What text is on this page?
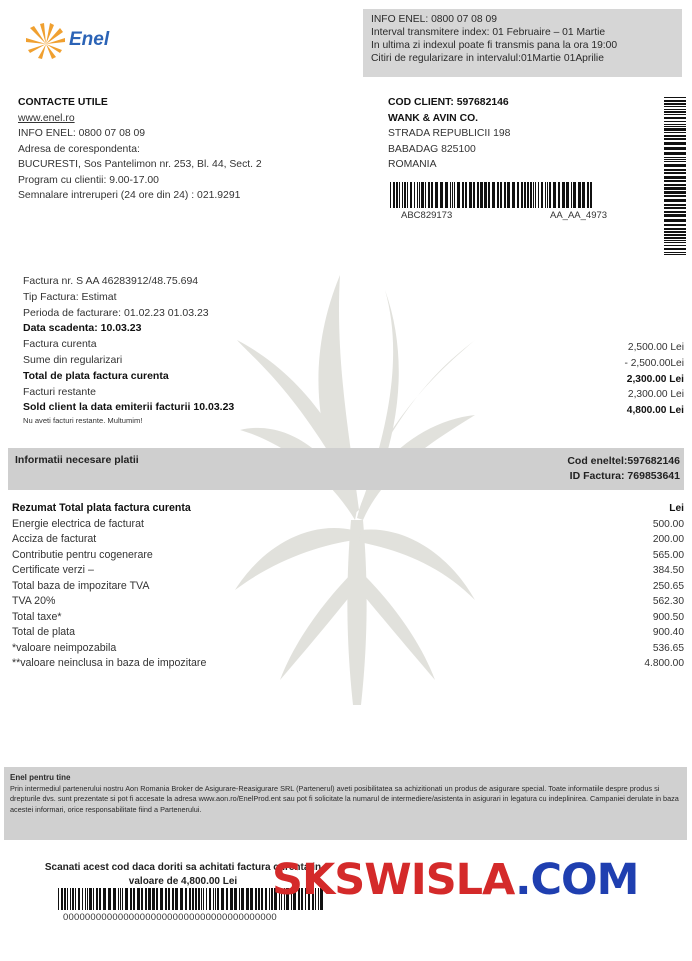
Enel
INFO ENEL: 0800 07 08 09
Interval transmitere index: 01 Februaire – 01 Martie
In ultima zi indexul poate fi transmis pana la ora 19:00
Citiri de regularizare in intervalul:01Martie 01Aprilie
CONTACTE UTILE
www.enel.ro
INFO ENEL: 0800 07 08 09
Adresa de corespondenta:
BUCURESTI, Sos Pantelimon nr. 253, Bl. 44, Sect. 2
Program cu clientii: 9.00-17.00
Semnalare intreruperi (24 ore din 24) : 021.9291
COD CLIENT: 597682146
WANK & AVIN CO.
STRADA REPUBLICII 198
BABADAG 825100
ROMANIA
ABC829173	AA_AA_4973
Factura nr. S AA 46283912/48.75.694
Tip Factura: Estimat
Perioda de facturare: 01.02.23 01.03.23
Data scadenta: 10.03.23
Factura curenta
Sume din regularizari
Total de plata factura curenta
Facturi restante
Sold client la data emiterii facturii 10.03.23
Nu aveti facturi restante. Multumim!
2,500.00 Lei
- 2,500.00Lei
2,300.00 Lei
2,300.00 Lei
4,800.00 Lei
Informatii necesare platii	Cod eneltel:597682146
ID Factura: 769853641
Rezumat Total plata factura curenta
Energie electrica de facturat
Acciza de facturat
Contributie pentru cogenerare
Certificate verzi –
Total baza de impozitare TVA
TVA 20%
Total taxe*
Total de plata
*valoare neimpozabila
**valoare neinclusa in baza de impozitare
Lei
500.00
200.00
565.00
384.50
250.65
562.30
900.50
900.40
536.65
4.800.00
Enel pentru tine
Prin intermediul partenerului nostru Aon Romania Broker de Asigurare-Reasigurare SRL (Partenerul) aveti posibilitatea sa achizitionati un produs de asigurare special. Toate informatiile despre produs si drepturile dvs. sunt prezentate si pot fi accesate la adresa www.aon.ro/EnelProd.ent sau pot fi solicitate la numarul de intermediere/asistenta in asigurari in legatura cu indeplinirea. Campaniei derulate in baza acestei informari, orice responsabilitate fiind a Partenerului.
Scanati acest cod daca doriti sa achitati factura curenta in
valoare de 4,800.00 Lei
000000000000000000000000000000000000000
SKSWISLA.COM
